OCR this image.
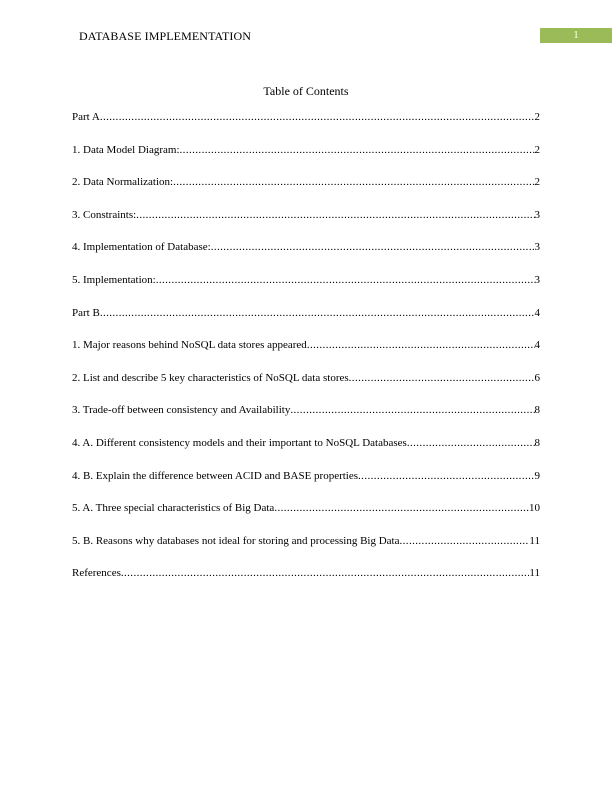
DATABASE IMPLEMENTATION	1
Table of Contents
Part A .....	2
1. Data Model Diagram: .....	2
2. Data Normalization: .....	2
3. Constraints: .....	3
4. Implementation of Database: .....	3
5. Implementation: .....	3
Part B .....	4
1. Major reasons behind NoSQL data stores appeared .....	4
2. List and describe 5 key characteristics of NoSQL data stores .....	6
3. Trade-off between consistency and Availability .....	8
4. A. Different consistency models and their important to NoSQL Databases .....	8
4. B. Explain the difference between ACID and BASE properties .....	9
5. A. Three special characteristics of Big Data .....	10
5. B. Reasons why databases not ideal for storing and processing Big Data .....	11
References .....	11
